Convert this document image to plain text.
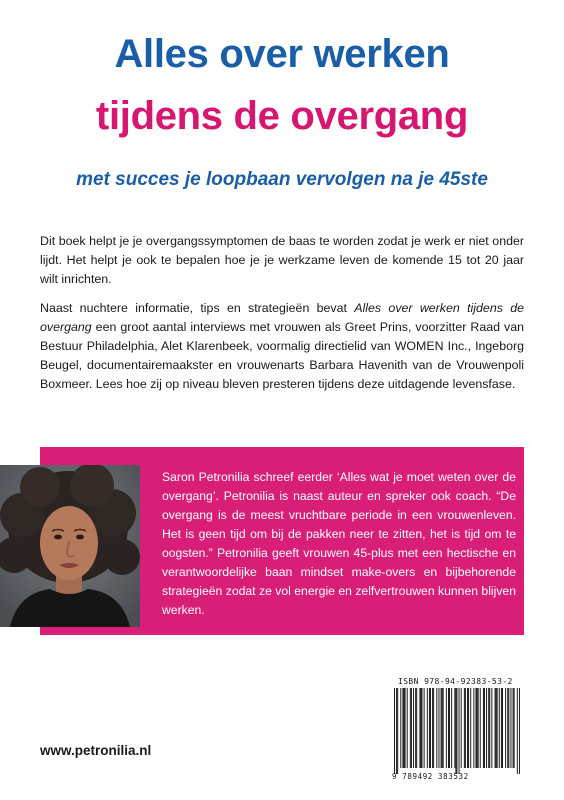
Alles over werken
tijdens de overgang
met succes je loopbaan vervolgen na je 45ste

Dit boek helpt je je overgangssymptomen de baas te worden zodat je werk er niet onder lijdt. Het helpt je ook te bepalen hoe je je werkzame leven de komende 15 tot 20 jaar wilt inrichten.

Naast nuchtere informatie, tips en strategieën bevat Alles over werken tijdens de overgang een groot aantal interviews met vrouwen als Greet Prins, voorzitter Raad van Bestuur Philadelphia, Alet Klarenbeek, voormalig directielid van WOMEN Inc., Ingeborg Beugel, documentairemaakster en vrouwenarts Barbara Havenith van de Vrouwenpoli Boxmeer. Lees hoe zij op niveau bleven presteren tijdens deze uitdagende levensfase.

Saron Petronilia schreef eerder ‘Alles wat je moet weten over de overgang’. Petronilia is naast auteur en spreker ook coach. “De overgang is de meest vruchtbare periode in een vrouwenleven. Het is geen tijd om bij de pakken neer te zitten, het is tijd om te oogsten.” Petronilia geeft vrouwen 45-plus met een hectische en verantwoordelijke baan mindset make-overs en bijbehorende strategieën zodat ze vol energie en zelfvertrouwen kunnen blijven werken.

www.petronilia.nl
ISBN 978-94-92383-53-2
9 789492 383532
